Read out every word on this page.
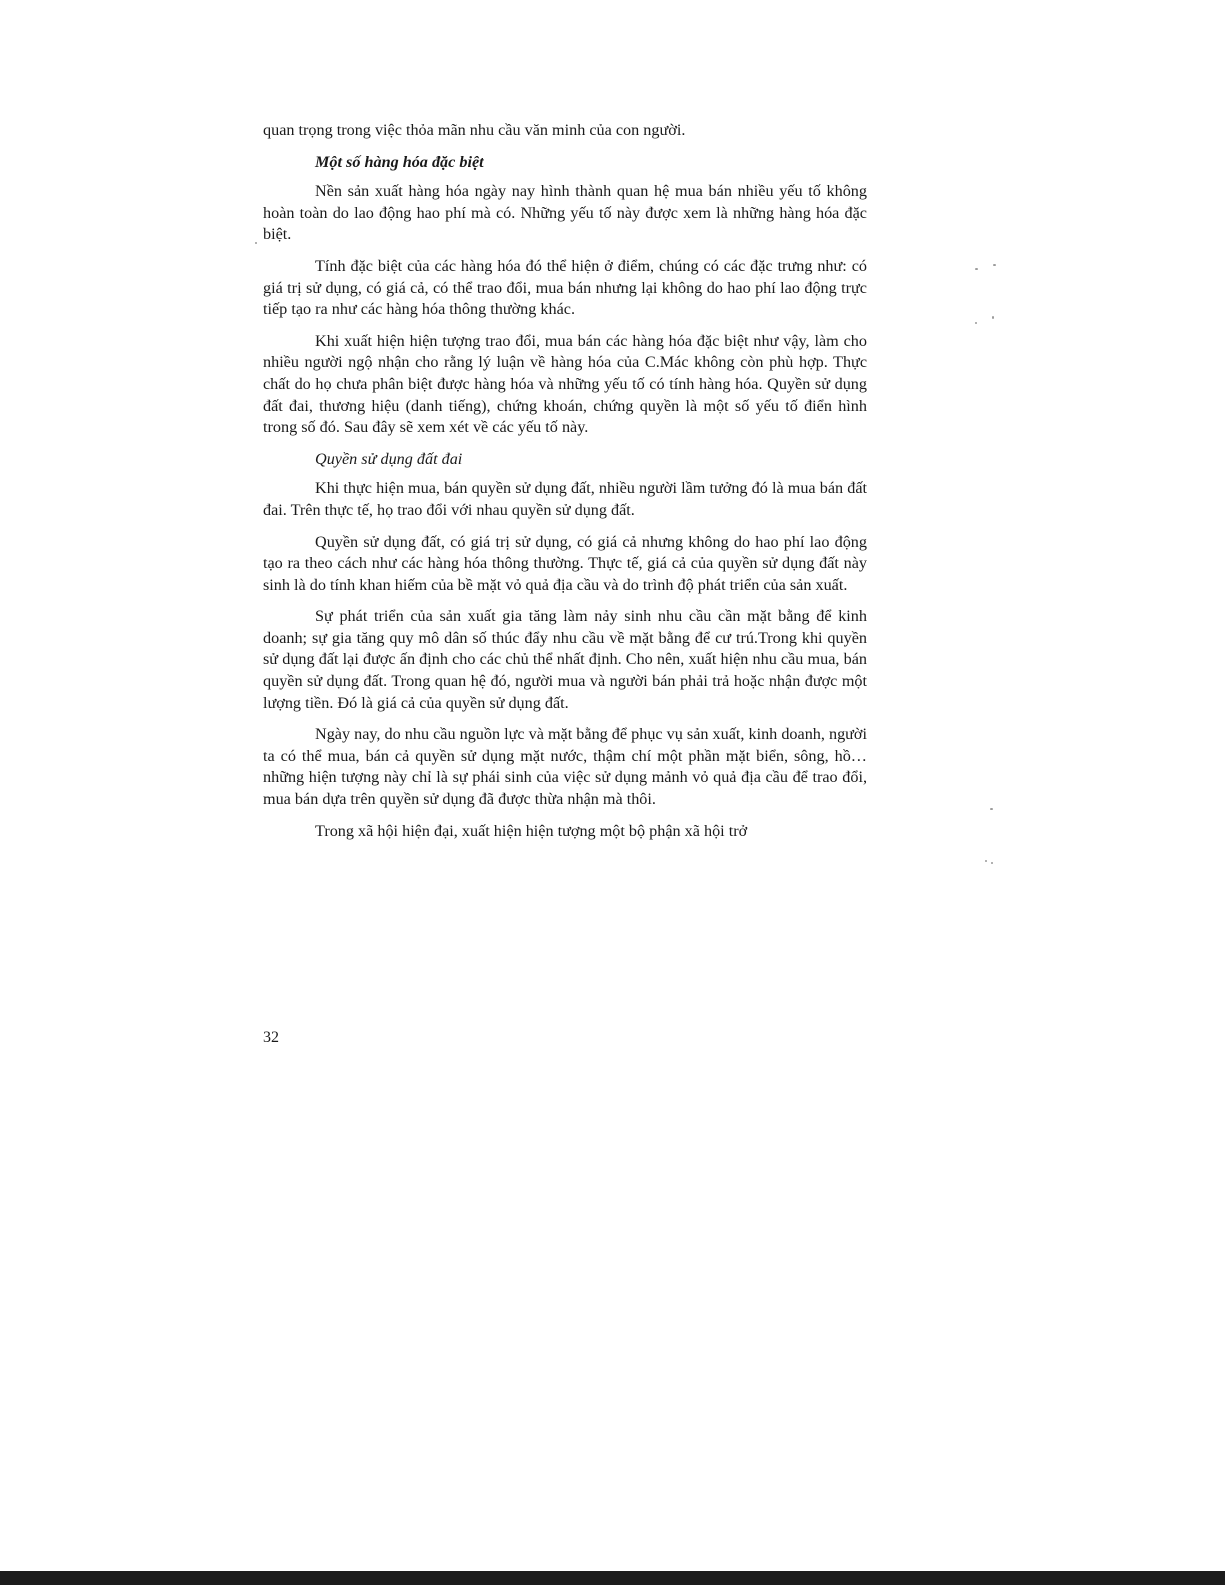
quan trọng trong việc thỏa mãn nhu cầu văn minh của con người.

Một số hàng hóa đặc biệt

Nền sản xuất hàng hóa ngày nay hình thành quan hệ mua bán nhiều yếu tố không hoàn toàn do lao động hao phí mà có. Những yếu tố này được xem là những hàng hóa đặc biệt.

Tính đặc biệt của các hàng hóa đó thể hiện ở điểm, chúng có các đặc trưng như: có giá trị sử dụng, có giá cả, có thể trao đổi, mua bán nhưng lại không do hao phí lao động trực tiếp tạo ra như các hàng hóa thông thường khác.

Khi xuất hiện hiện tượng trao đổi, mua bán các hàng hóa đặc biệt như vậy, làm cho nhiều người ngộ nhận cho rằng lý luận về hàng hóa của C.Mác không còn phù hợp. Thực chất do họ chưa phân biệt được hàng hóa và những yếu tố có tính hàng hóa. Quyền sử dụng đất đai, thương hiệu (danh tiếng), chứng khoán, chứng quyền là một số yếu tố điển hình trong số đó. Sau đây sẽ xem xét về các yếu tố này.

Quyền sử dụng đất đai

Khi thực hiện mua, bán quyền sử dụng đất, nhiều người lầm tưởng đó là mua bán đất đai. Trên thực tế, họ trao đổi với nhau quyền sử dụng đất.

Quyền sử dụng đất, có giá trị sử dụng, có giá cả nhưng không do hao phí lao động tạo ra theo cách như các hàng hóa thông thường. Thực tế, giá cả của quyền sử dụng đất này sinh là do tính khan hiếm của bề mặt vỏ quả địa cầu và do trình độ phát triển của sản xuất.

Sự phát triển của sản xuất gia tăng làm nảy sinh nhu cầu cần mặt bằng để kinh doanh; sự gia tăng quy mô dân số thúc đẩy nhu cầu về mặt bằng để cư trú.Trong khi quyền sử dụng đất lại được ấn định cho các chủ thể nhất định. Cho nên, xuất hiện nhu cầu mua, bán quyền sử dụng đất. Trong quan hệ đó, người mua và người bán phải trả hoặc nhận được một lượng tiền. Đó là giá cả của quyền sử dụng đất.

Ngày nay, do nhu cầu nguồn lực và mặt bằng để phục vụ sản xuất, kinh doanh, người ta có thể mua, bán cả quyền sử dụng mặt nước, thậm chí một phần mặt biển, sông, hồ… những hiện tượng này chỉ là sự phái sinh của việc sử dụng mảnh vỏ quả địa cầu để trao đổi, mua bán dựa trên quyền sử dụng đã được thừa nhận mà thôi.

Trong xã hội hiện đại, xuất hiện hiện tượng một bộ phận xã hội trở

32
